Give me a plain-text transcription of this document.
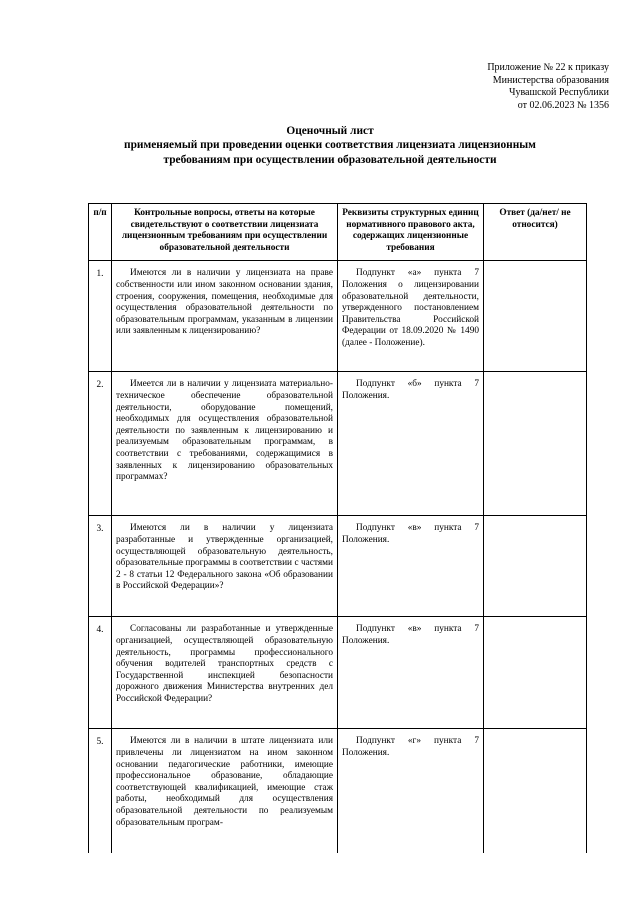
Приложение № 22 к приказу
Министерства образования
Чувашской Республики
от 02.06.2023 № 1356
Оценочный лист
применяемый при проведении оценки соответствия лицензиата лицензионным
требованиям при осуществлении образовательной деятельности
п/п	Контрольные вопросы, ответы на которые свидетельствуют о соответствии лицензиата лицензионным требованиям при осуществлении образовательной деятельности	Реквизиты структурных единиц нормативного правового акта, содержащих лицензионные требования	Ответ (да/нет/ не относится)
1.	Имеются ли в наличии у лицензиата на праве собственности или ином законном основании здания, строения, сооружения, помещения, необходимые для осуществления образовательной деятельности по образовательным программам, указанным в лицензии или заявленным к лицензированию?	Подпункт «а» пункта 7 Положения о лицензировании образовательной деятельности, утвержденного постановлением Правительства Российской Федерации от 18.09.2020 № 1490 (далее - Положение).	
2.	Имеется ли в наличии у лицензиата материально-техническое обеспечение образовательной деятельности, оборудование помещений, необходимых для осуществления образовательной деятельности по заявленным к лицензированию и реализуемым образовательным программам, в соответствии с требованиями, содержащимися в заявленных к лицензированию образовательных программах?	Подпункт «б» пункта 7 Положения.	
3.	Имеются ли в наличии у лицензиата разработанные и утвержденные организацией, осуществляющей образовательную деятельность, образовательные программы в соответствии с частями 2 - 8 статьи 12 Федерального закона «Об образовании в Российской Федерации»?	Подпункт «в» пункта 7 Положения.	
4.	Согласованы ли разработанные и утвержденные организацией, осуществляющей образовательную деятельность, программы профессионального обучения водителей транспортных средств с Государственной инспекцией безопасности дорожного движения Министерства внутренних дел Российской Федерации?	Подпункт «в» пункта 7 Положения.	
5.	Имеются ли в наличии в штате лицензиата или привлечены ли лицензиатом на ином законном основании педагогические работники, имеющие профессиональное образование, обладающие соответствующей квалификацией, имеющие стаж работы, необходимый для осуществления образовательной деятельности по реализуемым образовательным програм-	Подпункт «г» пункта 7 Положения.	
